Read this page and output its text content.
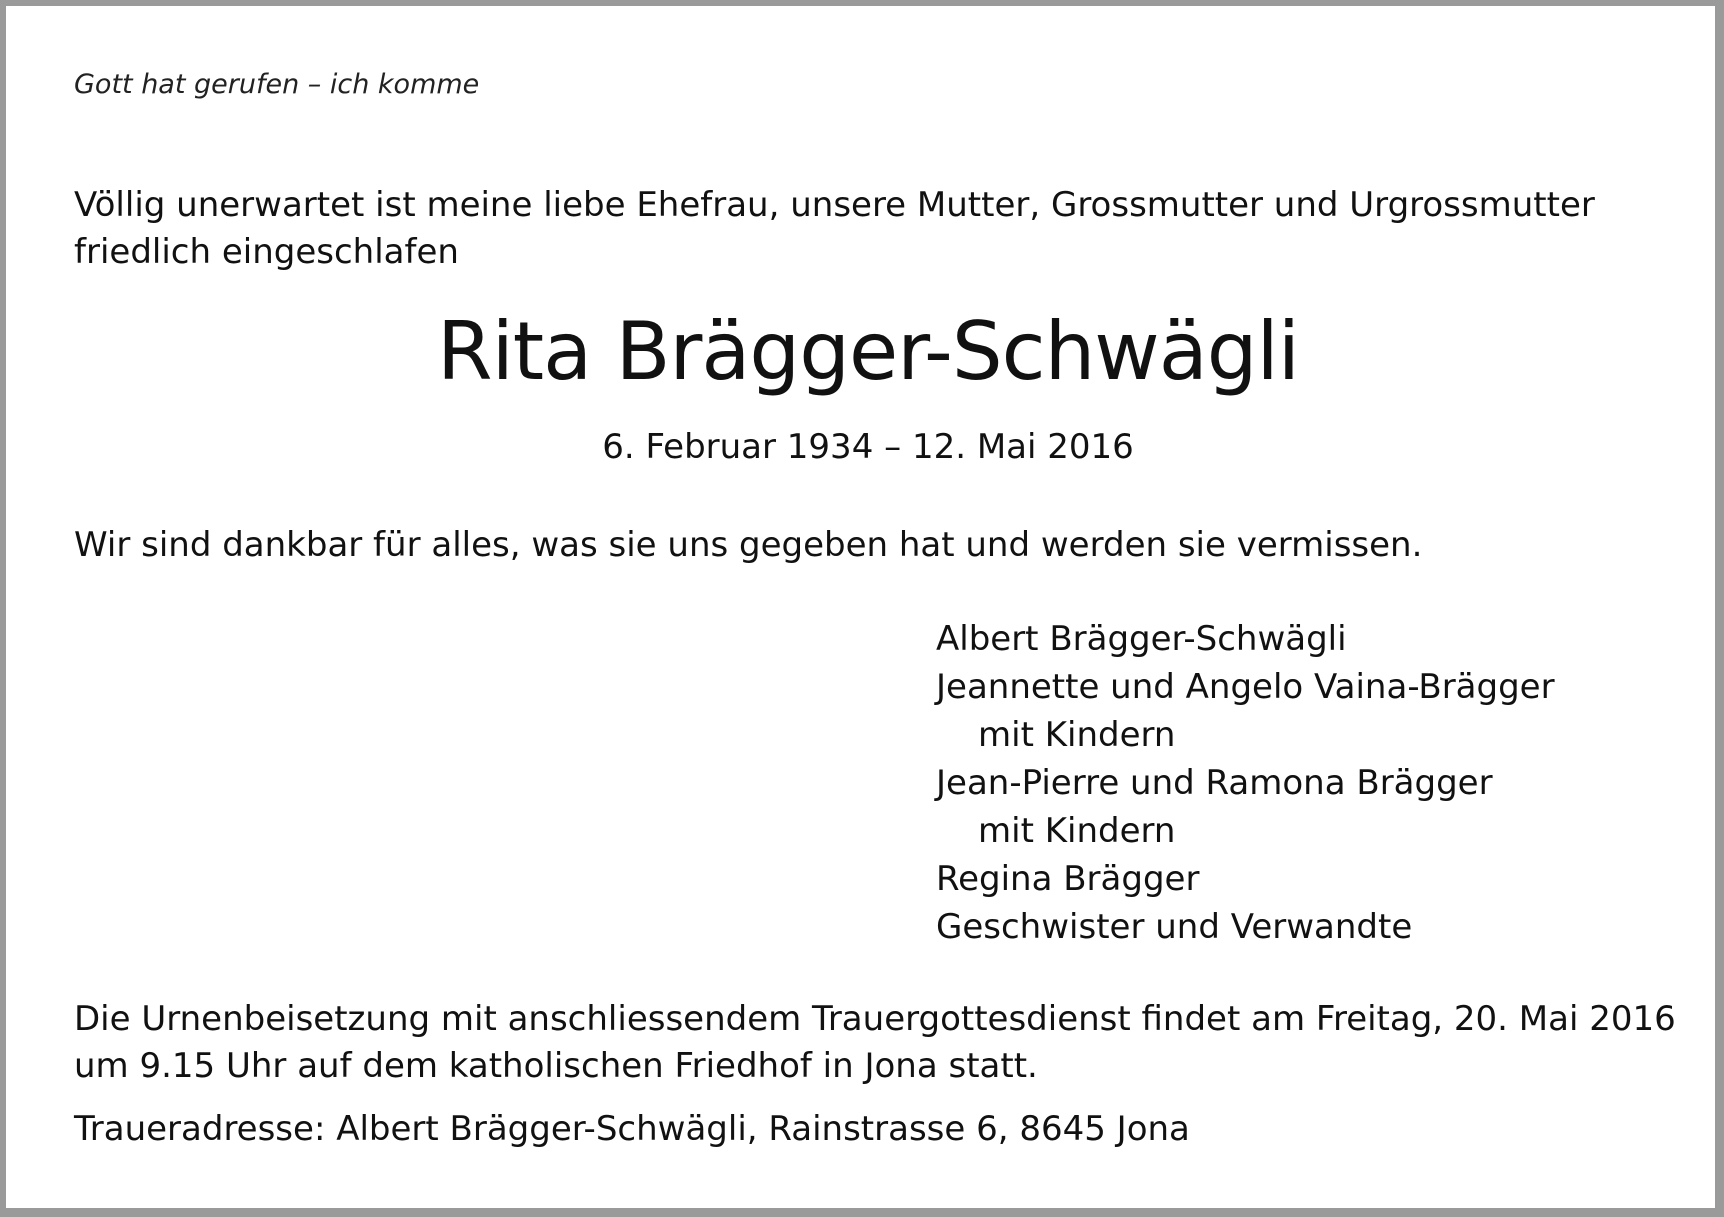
Gott hat gerufen – ich komme
Völlig unerwartet ist meine liebe Ehefrau, unsere Mutter, Grossmutter und Urgrossmutter
friedlich eingeschlafen
Rita Brägger-Schwägli
6. Februar 1934 – 12. Mai 2016
Wir sind dankbar für alles, was sie uns gegeben hat und werden sie vermissen.
Albert Brägger-Schwägli
Jeannette und Angelo Vaina-Brägger
mit Kindern
Jean-Pierre und Ramona Brägger
mit Kindern
Regina Brägger
Geschwister und Verwandte
Die Urnenbeisetzung mit anschliessendem Trauergottesdienst findet am Freitag, 20. Mai 2016
um 9.15 Uhr auf dem katholischen Friedhof in Jona statt.
Traueradresse: Albert Brägger-Schwägli, Rainstrasse 6, 8645 Jona
